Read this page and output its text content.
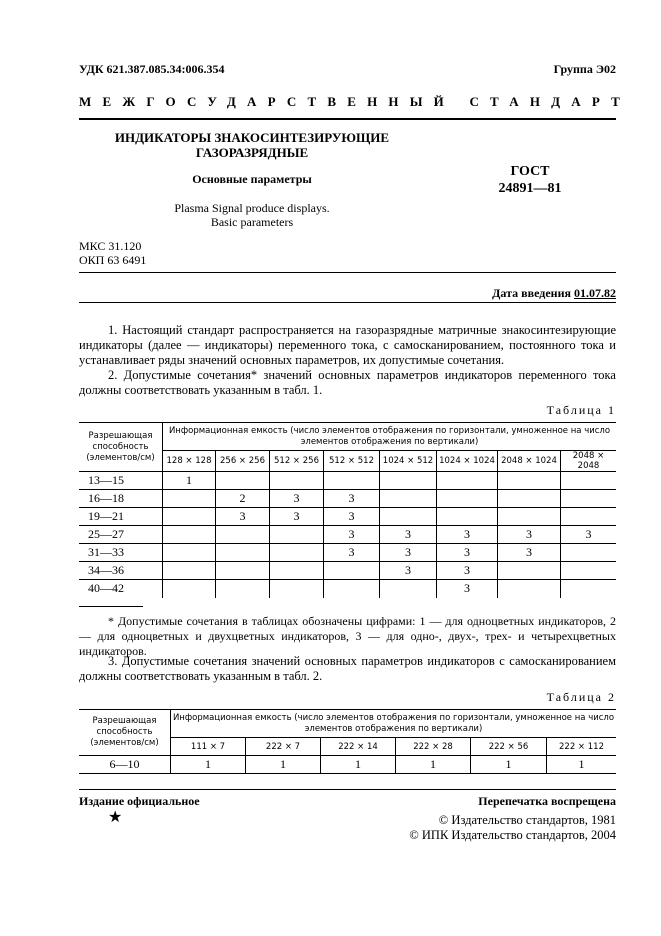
УДК 621.387.085.34:006.354	Группа Э02
МЕЖГОСУДАРСТВЕННЫЙ СТАНДАРТ
ИНДИКАТОРЫ ЗНАКОСИНТЕЗИРУЮЩИЕ
ГАЗОРАЗРЯДНЫЕ
Основные параметры	ГОСТ
24891—81
Plasma Signal produce displays.
Basic parameters
МКС 31.120
ОКП 63 6491
Дата введения 01.07.82

1. Настоящий стандарт распространяется на газоразрядные матричные знакосинтезирующие индикаторы (далее — индикаторы) переменного тока, с самосканированием, постоянного тока и устанавливает ряды значений основных параметров, их допустимые сочетания.

2. Допустимые сочетания* значений основных параметров индикаторов переменного тока должны соответствовать указанным в табл. 1.

Таблица 1
Разрешающая способность (элементов/см)	Информационная емкость (число элементов отображения по горизонтали, умноженное на число элементов отображения по вертикали)							
	128 × 128	256 × 256	512 × 256	512 × 512	1024 × 512	1024 × 1024	2048 × 1024	2048 × 2048
13—15	1							
16—18		2	3	3				
19—21		3	3	3				
25—27				3	3	3	3	3
31—33				3	3	3	3	
34—36					3	3		
40—42						3		

* Допустимые сочетания в таблицах обозначены цифрами: 1 — для одноцветных индикаторов, 2 — для одноцветных и двухцветных индикаторов, 3 — для одно-, двух-, трех- и четырехцветных индикаторов.

3. Допустимые сочетания значений основных параметров индикаторов с самосканированием должны соответствовать указанным в табл. 2.

Таблица 2
Разрешающая способность (элементов/см)	Информационная емкость (число элементов отображения по горизонтали, умноженное на число элементов отображения по вертикали)					
	111 × 7	222 × 7	222 × 14	222 × 28	222 × 56	222 × 112
6—10	1	1	1	1	1	1
Издание официальное	Перепечатка воспрещена
★	© Издательство стандартов, 1981
© ИПК Издательство стандартов, 2004
